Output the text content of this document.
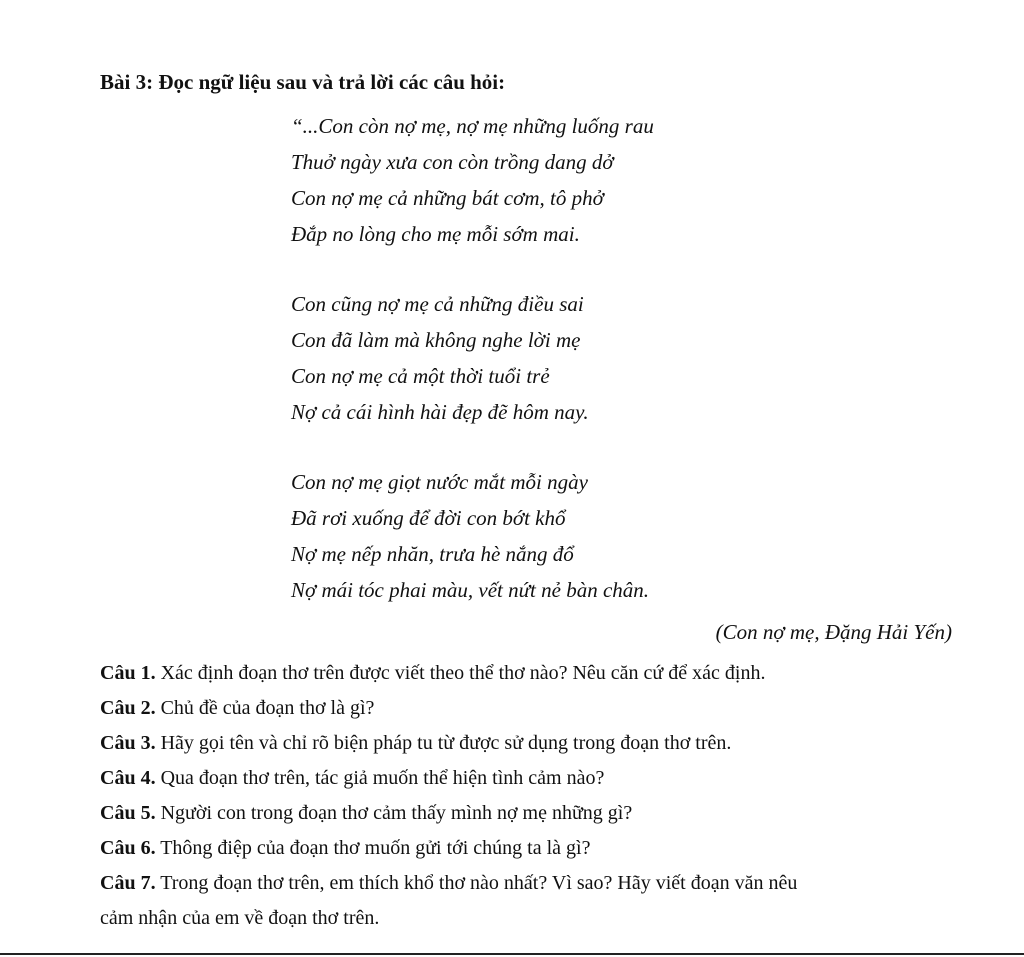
Bài 3: Đọc ngữ liệu sau và trả lời các câu hỏi:
“...Con còn nợ mẹ, nợ mẹ những luống rau
Thuở ngày xưa con còn trồng dang dở
Con nợ mẹ cả những bát cơm, tô phở
Đắp no lòng cho mẹ mỗi sớm mai.
Con cũng nợ mẹ cả những điều sai
Con đã làm mà không nghe lời mẹ
Con nợ mẹ cả một thời tuổi trẻ
Nợ cả cái hình hài đẹp đẽ hôm nay.
Con nợ mẹ giọt nước mắt mỗi ngày
Đã rơi xuống để đời con bớt khổ
Nợ mẹ nếp nhăn, trưa hè nắng đổ
Nợ mái tóc phai màu, vết nứt nẻ bàn chân.
(Con nợ mẹ, Đặng Hải Yến)
Câu 1. Xác định đoạn thơ trên được viết theo thể thơ nào? Nêu căn cứ để xác định.
Câu 2. Chủ đề của đoạn thơ là gì?
Câu 3. Hãy gọi tên và chỉ rõ biện pháp tu từ được sử dụng trong đoạn thơ trên.
Câu 4. Qua đoạn thơ trên, tác giả muốn thể hiện tình cảm nào?
Câu 5. Người con trong đoạn thơ cảm thấy mình nợ mẹ những gì?
Câu 6. Thông điệp của đoạn thơ muốn gửi tới chúng ta là gì?
Câu 7. Trong đoạn thơ trên, em thích khổ thơ nào nhất? Vì sao? Hãy viết đoạn văn nêu
cảm nhận của em về đoạn thơ trên.
